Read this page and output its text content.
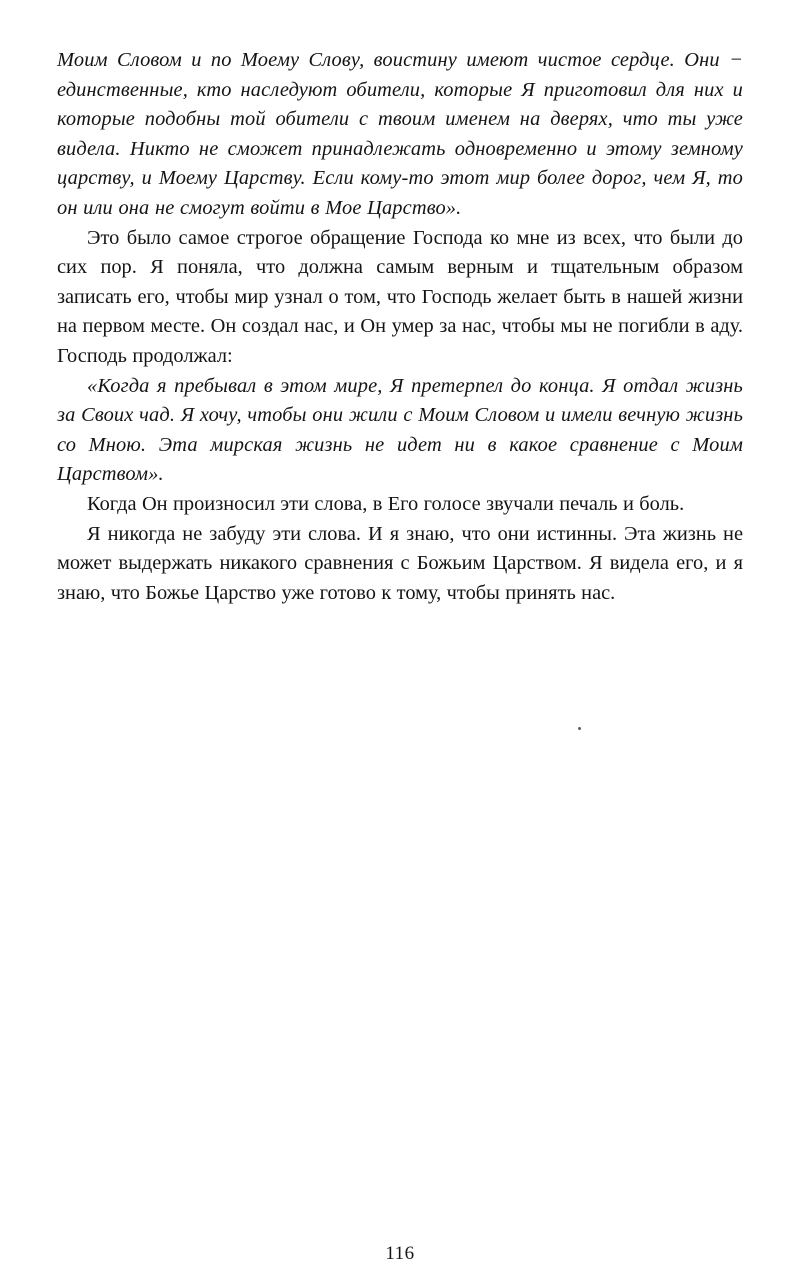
Моим Словом и по Моему Слову, воистину имеют чистое сердце. Они − единственные, кто наследуют обители, которые Я приготовил для них и которые подобны той обители с твоим именем на дверях, что ты уже видела. Никто не сможет принадлежать одновременно и этому земному царству, и Моему Царству. Если кому-то этот мир более дорог, чем Я, то он или она не смогут войти в Мое Царство».

Это было самое строгое обращение Господа ко мне из всех, что были до сих пор. Я поняла, что должна самым верным и тщательным образом записать его, чтобы мир узнал о том, что Господь желает быть в нашей жизни на первом месте. Он создал нас, и Он умер за нас, чтобы мы не погибли в аду. Господь продолжал:

«Когда я пребывал в этом мире, Я претерпел до конца. Я отдал жизнь за Своих чад. Я хочу, чтобы они жили с Моим Словом и имели вечную жизнь со Мною. Эта мирская жизнь не идет ни в какое сравнение с Моим Царством».

Когда Он произносил эти слова, в Его голосе звучали печаль и боль.

Я никогда не забуду эти слова. И я знаю, что они истинны. Эта жизнь не может выдержать никакого сравнения с Божьим Царством. Я видела его, и я знаю, что Божье Царство уже готово к тому, чтобы принять нас.

116
